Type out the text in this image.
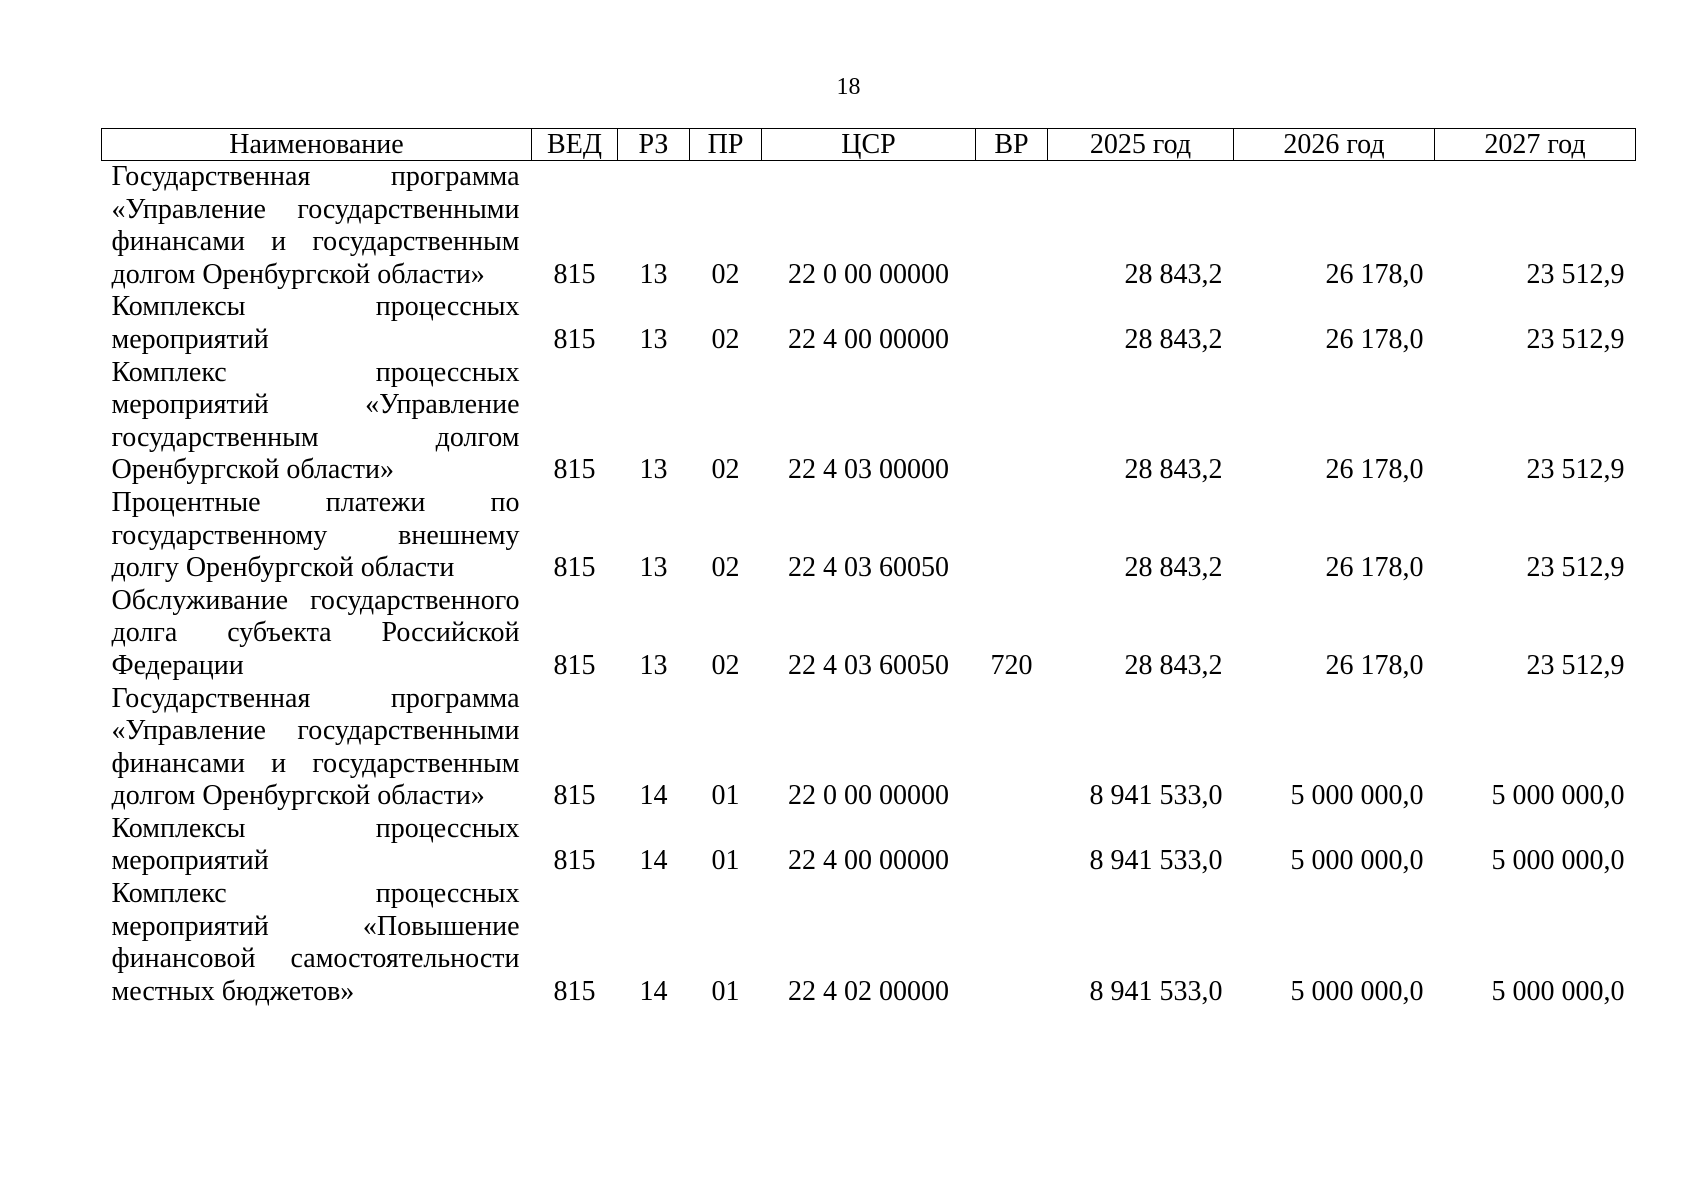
18
Наименование	ВЕД	РЗ	ПР	ЦСР	ВР	2025 год	2026 год	2027 год
Государственная программа «Управление государственными финансами и государственным долгом Оренбургской области»	815	13	02	22 0 00 00000		28 843,2	26 178,0	23 512,9
Комплексы процессных мероприятий	815	13	02	22 4 00 00000		28 843,2	26 178,0	23 512,9
Комплекс процессных мероприятий «Управление государственным долгом Оренбургской области»	815	13	02	22 4 03 00000		28 843,2	26 178,0	23 512,9
Процентные платежи по государственному внешнему долгу Оренбургской области	815	13	02	22 4 03 60050		28 843,2	26 178,0	23 512,9
Обслуживание государственного долга субъекта Российской Федерации	815	13	02	22 4 03 60050	720	28 843,2	26 178,0	23 512,9
Государственная программа «Управление государственными финансами и государственным долгом Оренбургской области»	815	14	01	22 0 00 00000		8 941 533,0	5 000 000,0	5 000 000,0
Комплексы процессных мероприятий	815	14	01	22 4 00 00000		8 941 533,0	5 000 000,0	5 000 000,0
Комплекс процессных мероприятий «Повышение финансовой самостоятельности местных бюджетов»	815	14	01	22 4 02 00000		8 941 533,0	5 000 000,0	5 000 000,0
